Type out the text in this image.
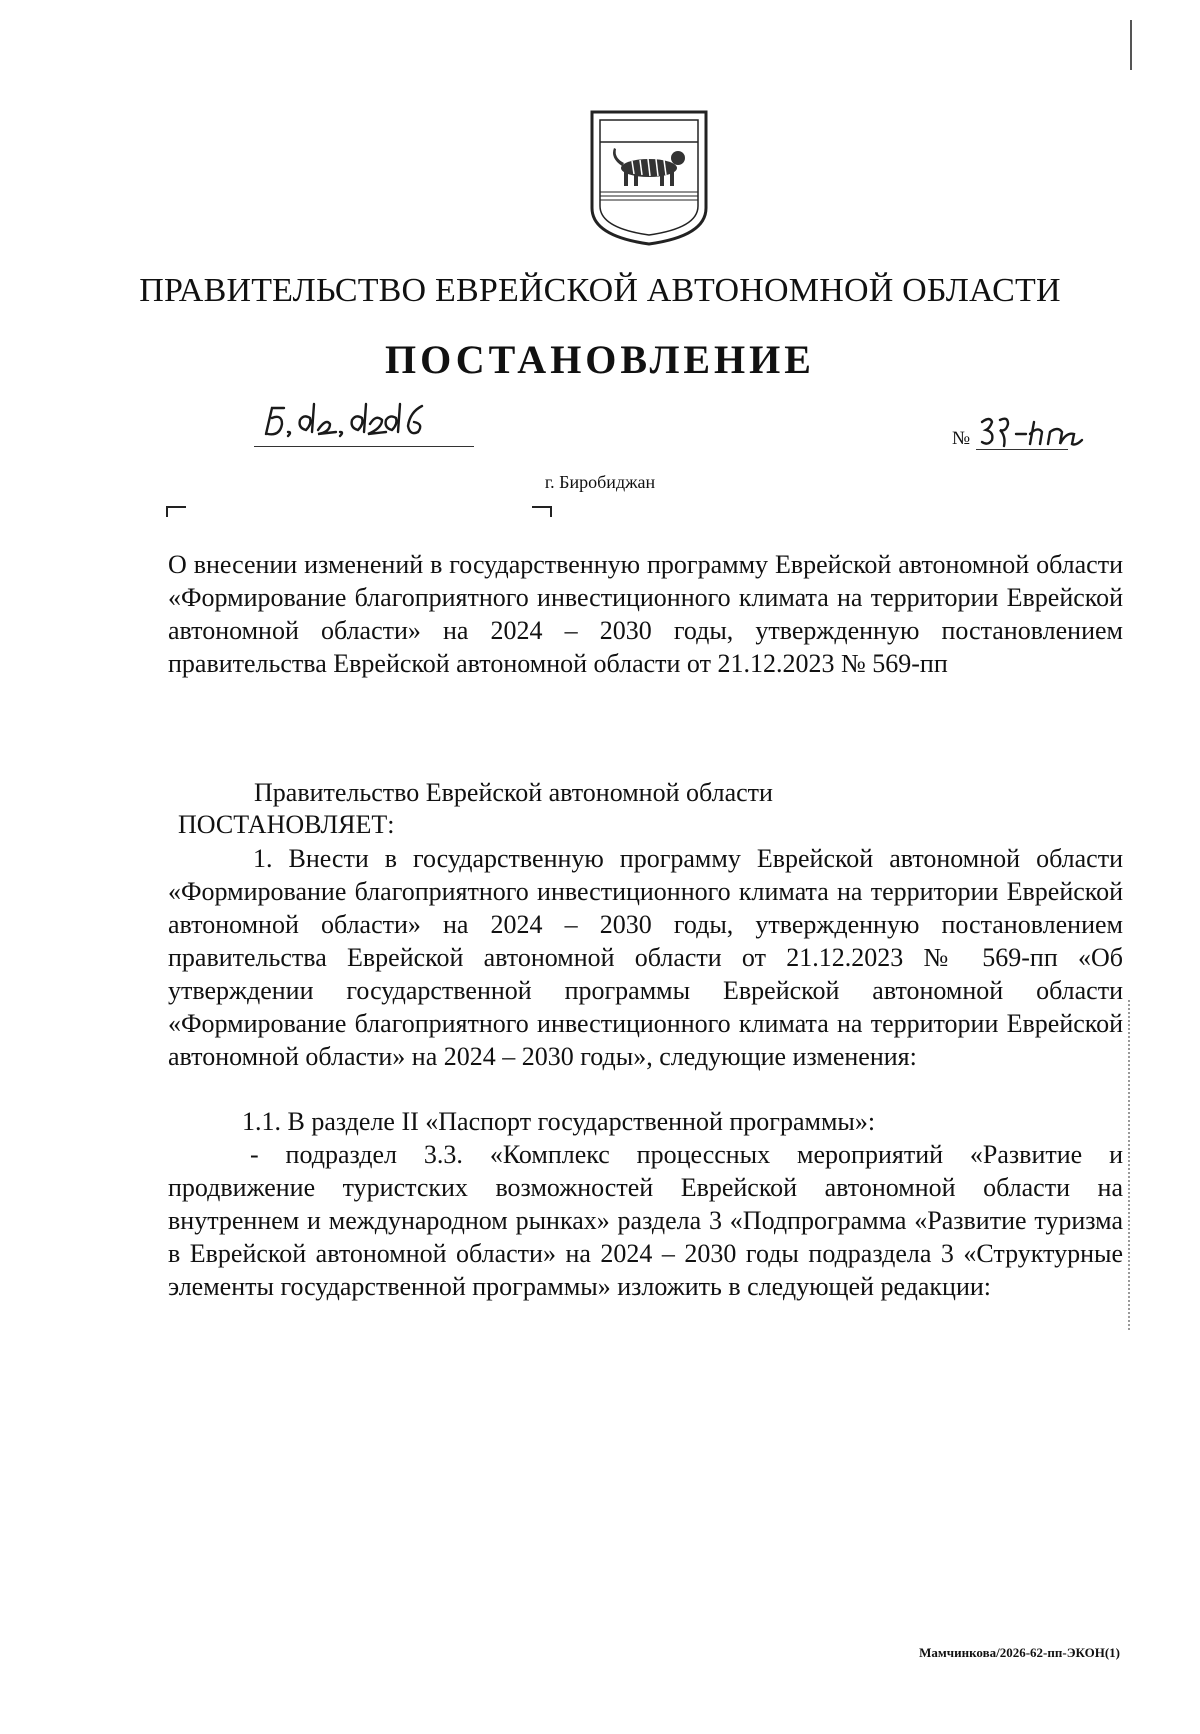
ПРАВИТЕЛЬСТВО ЕВРЕЙСКОЙ АВТОНОМНОЙ ОБЛАСТИ
ПОСТАНОВЛЕНИЕ
№
г. Биробиджан
О внесении изменений в государственную программу Еврейской автономной области «Формирование благоприятного инвестиционного климата на территории Еврейской автономной области» на 2024 – 2030 годы, утвержденную постановлением правительства Еврейской автономной области от 21.12.2023 № 569-пп
Правительство Еврейской автономной области
ПОСТАНОВЛЯЕТ:
1. Внести в государственную программу Еврейской автономной области «Формирование благоприятного инвестиционного климата на территории Еврейской автономной области» на 2024 – 2030 годы, утвержденную постановлением правительства Еврейской автономной области от 21.12.2023 № 569-пп «Об утверждении государственной программы Еврейской автономной области «Формирование благоприятного инвестиционного климата на территории Еврейской автономной области» на 2024 – 2030 годы», следующие изменения:
1.1. В разделе II «Паспорт государственной программы»:
- подраздел 3.3. «Комплекс процессных мероприятий «Развитие и продвижение туристских возможностей Еврейской автономной области на внутреннем и международном рынках» раздела 3 «Подпрограмма «Развитие туризма в Еврейской автономной области» на 2024 – 2030 годы подраздела 3 «Структурные элементы государственной программы» изложить в следующей редакции:
Мамчинкова/2026-62-пп-ЭКОН(1)
